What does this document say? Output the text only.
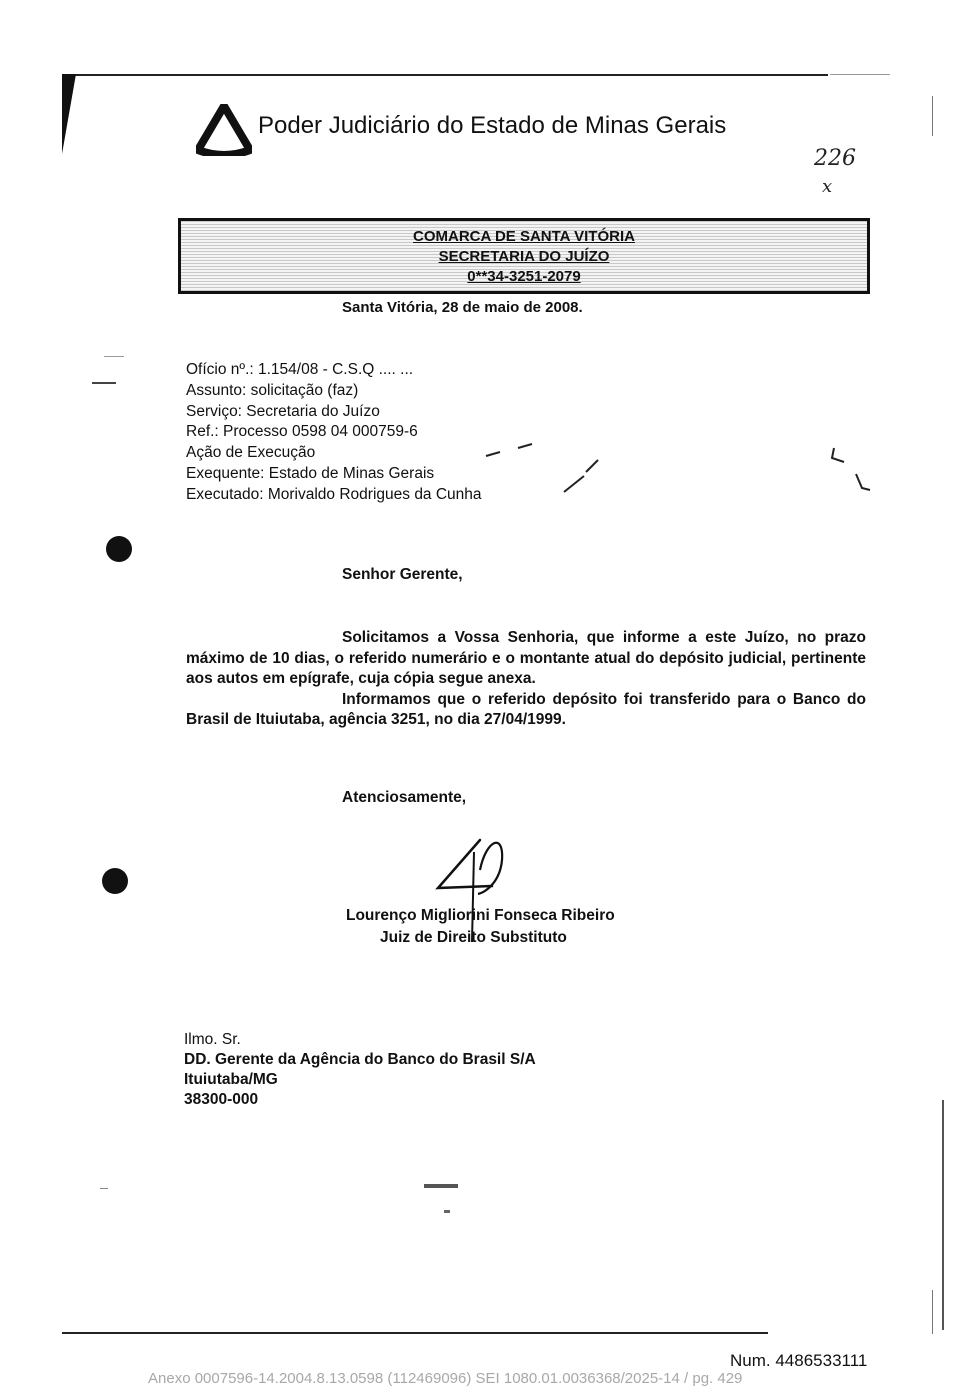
Poder Judiciário do Estado de Minas Gerais
226
x
COMARCA DE SANTA VITÓRIA
SECRETARIA DO JUÍZO
0**34-3251-2079
Santa Vitória, 28 de maio de 2008.
Ofício nº.: 1.154/08 - C.S.Q .... ...
Assunto: solicitação (faz)
Serviço: Secretaria do Juízo
Ref.: Processo 0598 04 000759-6
Ação de Execução
Exequente: Estado de Minas Gerais
Executado: Morivaldo Rodrigues da Cunha
Senhor Gerente,

Solicitamos a Vossa Senhoria, que informe a este Juízo, no prazo máximo de 10 dias, o referido numerário e o montante atual do depósito judicial, pertinente aos autos em epígrafe, cuja cópia segue anexa.

Informamos que o referido depósito foi transferido para o Banco do Brasil de Ituiutaba, agência 3251, no dia 27/04/1999.

Atenciosamente,
Lourenço Migliorini Fonseca Ribeiro
Juiz de Direito Substituto
Ilmo. Sr.
DD. Gerente da Agência do Banco do Brasil S/A
Ituiutaba/MG
38300-000
Num. 4486533111
Anexo 0007596-14.2004.8.13.0598 (112469096) SEI 1080.01.0036368/2025-14 / pg. 429
